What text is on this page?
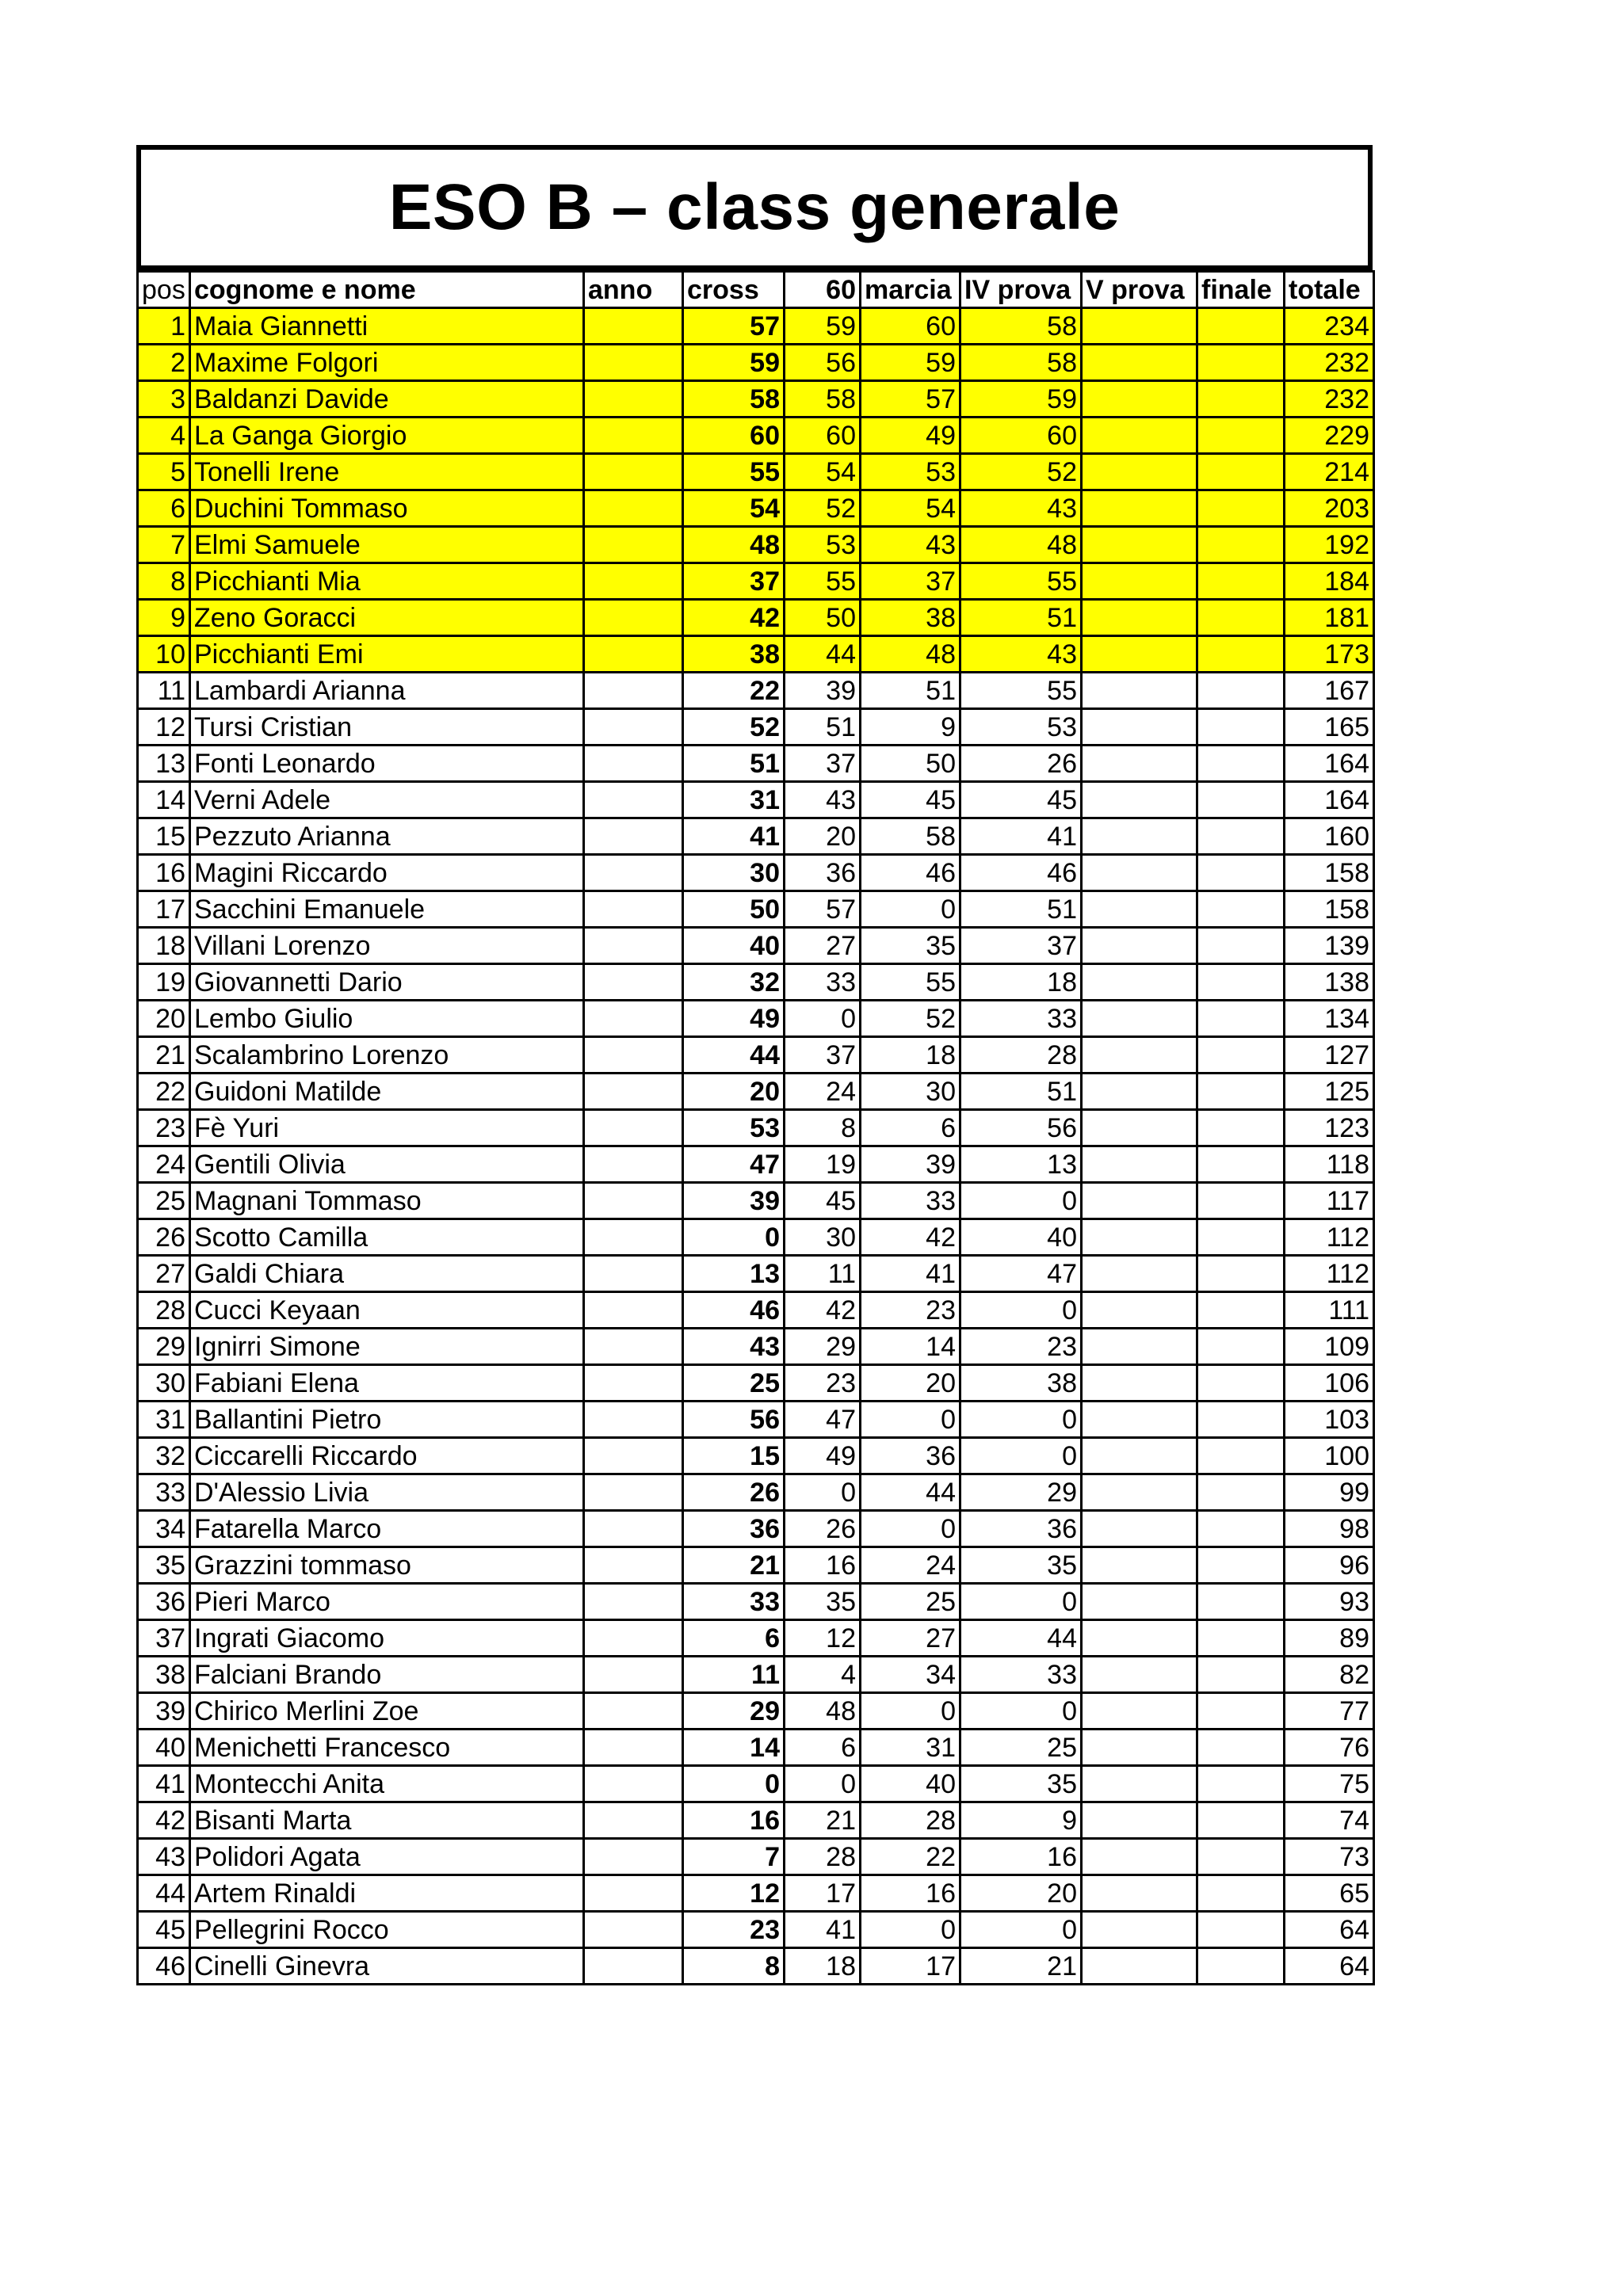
ESO B – class generale
pos	cognome e nome	anno	cross	60	marcia	IV prova	V prova	finale	totale
1	Maia Giannetti		57	59	60	58			234
2	Maxime Folgori		59	56	59	58			232
3	Baldanzi Davide		58	58	57	59			232
4	La Ganga Giorgio		60	60	49	60			229
5	Tonelli Irene		55	54	53	52			214
6	Duchini Tommaso		54	52	54	43			203
7	Elmi Samuele		48	53	43	48			192
8	Picchianti Mia		37	55	37	55			184
9	Zeno Goracci		42	50	38	51			181
10	Picchianti Emi		38	44	48	43			173
11	Lambardi Arianna		22	39	51	55			167
12	Tursi Cristian		52	51	9	53			165
13	Fonti Leonardo		51	37	50	26			164
14	Verni Adele		31	43	45	45			164
15	Pezzuto Arianna		41	20	58	41			160
16	Magini Riccardo		30	36	46	46			158
17	Sacchini Emanuele		50	57	0	51			158
18	Villani Lorenzo		40	27	35	37			139
19	Giovannetti Dario		32	33	55	18			138
20	Lembo Giulio		49	0	52	33			134
21	Scalambrino Lorenzo		44	37	18	28			127
22	Guidoni Matilde		20	24	30	51			125
23	Fè Yuri		53	8	6	56			123
24	Gentili Olivia		47	19	39	13			118
25	Magnani Tommaso		39	45	33	0			117
26	Scotto Camilla		0	30	42	40			112
27	Galdi Chiara		13	11	41	47			112
28	Cucci Keyaan		46	42	23	0			111
29	Ignirri Simone		43	29	14	23			109
30	Fabiani Elena		25	23	20	38			106
31	Ballantini Pietro		56	47	0	0			103
32	Ciccarelli Riccardo		15	49	36	0			100
33	D'Alessio Livia		26	0	44	29			99
34	Fatarella Marco		36	26	0	36			98
35	Grazzini tommaso		21	16	24	35			96
36	Pieri Marco		33	35	25	0			93
37	Ingrati Giacomo		6	12	27	44			89
38	Falciani Brando		11	4	34	33			82
39	Chirico Merlini Zoe		29	48	0	0			77
40	Menichetti Francesco		14	6	31	25			76
41	Montecchi Anita		0	0	40	35			75
42	Bisanti Marta		16	21	28	9			74
43	Polidori Agata		7	28	22	16			73
44	Artem Rinaldi		12	17	16	20			65
45	Pellegrini Rocco		23	41	0	0			64
46	Cinelli Ginevra		8	18	17	21			64
